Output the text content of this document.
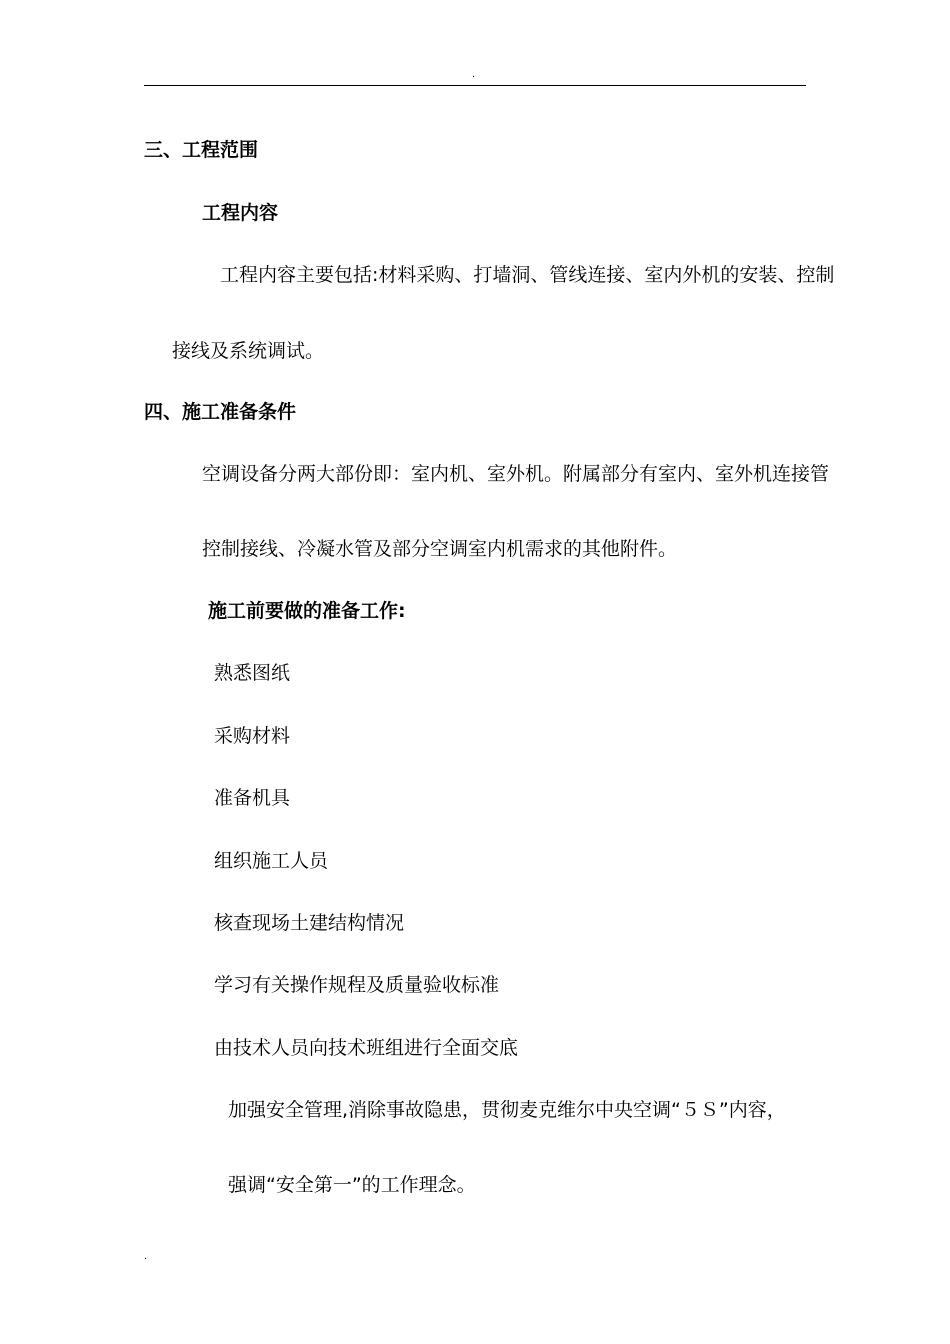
.
三、工程范围
工程内容
工程内容主要包括:材料采购、打墙洞、管线连接、室内外机的安装、控制
接线及系统调试。
四、施工准备条件
空调设备分两大部份即：室内机、室外机。附属部分有室内、室外机连接管
控制接线、冷凝水管及部分空调室内机需求的其他附件。
施工前要做的准备工作:
熟悉图纸
采购材料
准备机具
组织施工人员
核查现场土建结构情况
学习有关操作规程及质量验收标准
由技术人员向技术班组进行全面交底
加强安全管理,消除事故隐患，贯彻麦克维尔中央空调“５Ｓ”内容，
强调“安全第一”的工作理念。
.
